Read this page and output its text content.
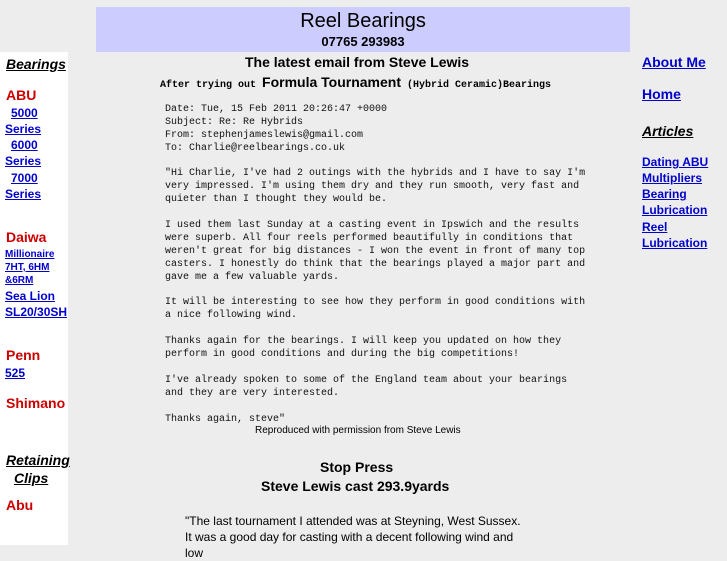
Reel Bearings
07765 293983
Bearings
ABU
5000
Series
6000
Series
7000
Series
Daiwa
Millionaire
7HT, 6HM
&6RM
Sea Lion
SL20/30SH
Penn
525
Shimano
Retaining
Clips
Abu
The latest email from Steve Lewis
After trying out Formula Tournament (Hybrid Ceramic)Bearings
Date: Tue, 15 Feb 2011 20:26:47 +0000
Subject: Re: Re Hybrids
From: stephenjameslewis@gmail.com
To: Charlie@reelbearings.co.uk
"Hi Charlie, I've had 2 outings with the hybrids and I have to say I'm
very impressed. I'm using them dry and they run smooth, very fast and
quieter than I thought they would be.
I used them last Sunday at a casting event in Ipswich and the results
were superb. All four reels performed beautifully in conditions that
weren't great for big distances - I won the event in front of many top
casters. I honestly do think that the bearings played a major part and
gave me a few valuable yards.
It will be interesting to see how they perform in good conditions with
a nice following wind.
Thanks again for the bearings. I will keep you updated on how they
perform in good conditions and during the big competitions!
I've already spoken to some of the England team about your bearings
and they are very interested.
Thanks again, steve"
Reproduced with permission from Steve Lewis
Stop Press
Steve Lewis cast 293.9yards
"The last tournament I attended was at Steyning, West Sussex. It was a good day for casting with a decent following wind and low
About Me
Home
Articles
Dating ABU
Multipliers
Bearing
Lubrication
Reel
Lubrication
